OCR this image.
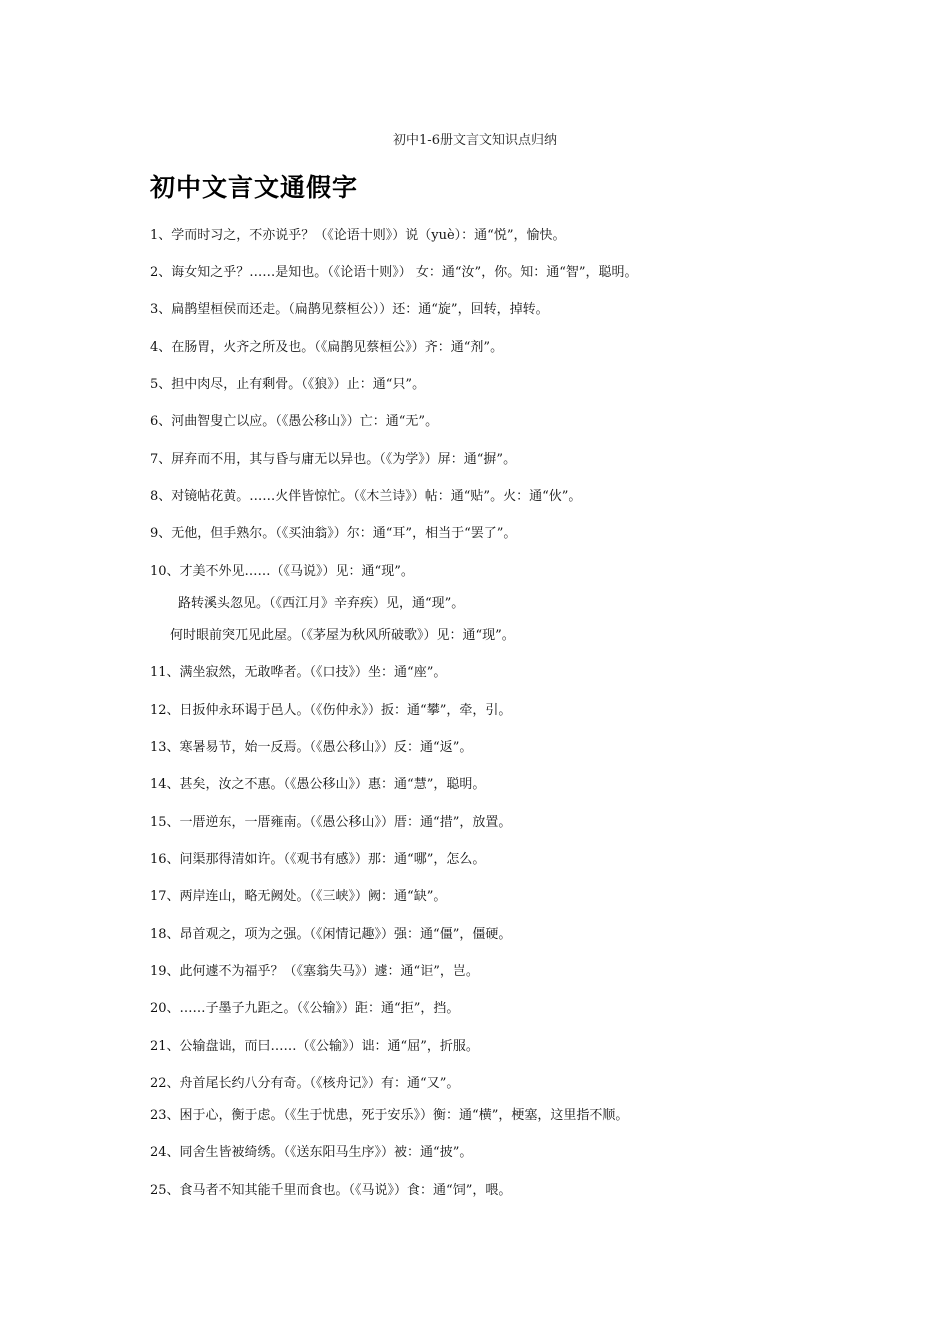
初中1-6册文言文知识点归纳
初中文言文通假字
1、学而时习之，不亦说乎？（《论语十则》）说（yuè）：通“悦”，愉快。
2、诲女知之乎？……是知也。（《论语十则》） 女：通“汝”，你。知：通“智”，聪明。
3、扁鹊望桓侯而还走。（扁鹊见蔡桓公））还：通“旋”，回转，掉转。
4、在肠胃，火齐之所及也。（《扁鹊见蔡桓公》）齐：通“剂”。
5、担中肉尽，止有剩骨。（《狼》）止：通“只”。
6、河曲智叟亡以应。（《愚公移山》）亡：通“无”。
7、屏弃而不用，其与昏与庸无以异也。（《为学》）屏：通“摒”。
8、对镜帖花黄。……火伴皆惊忙。（《木兰诗》）帖：通“贴”。火：通“伙”。
9、无他，但手熟尔。（《买油翁》）尔：通“耳”，相当于“罢了”。
10、才美不外见……（《马说》）见：通“现”。
路转溪头忽见。（《西江月》辛弃疾）见，通“现”。
何时眼前突兀见此屋。（《茅屋为秋风所破歌》）见：通“现”。
11、满坐寂然，无敢哗者。（《口技》）坐：通“座”。
12、日扳仲永环谒于邑人。（《伤仲永》）扳：通“攀”，牵，引。
13、寒暑易节，始一反焉。（《愚公移山》）反：通“返”。
14、甚矣，汝之不惠。（《愚公移山》）惠：通“慧”，聪明。
15、一厝逆东，一厝雍南。（《愚公移山》）厝：通“措”，放置。
16、问渠那得清如许。（《观书有感》）那：通“哪”，怎么。
17、两岸连山，略无阙处。（《三峡》）阙：通“缺”。
18、昂首观之，项为之强。（《闲情记趣》）强：通“僵”，僵硬。
19、此何遽不为福乎？（《塞翁失马》）遽：通“讵”，岂。
20、……子墨子九距之。（《公输》）距：通“拒”，挡。
21、公输盘诎，而曰……（《公输》）诎：通“屈”，折服。
22、舟首尾长约八分有奇。（《核舟记》）有：通“又”。
23、困于心，衡于虑。（《生于忧患，死于安乐》）衡：通“横”，梗塞，这里指不顺。
24、同舍生皆被绮绣。（《送东阳马生序》）被：通“披”。
25、食马者不知其能千里而食也。（《马说》）食：通“饲”，喂。
